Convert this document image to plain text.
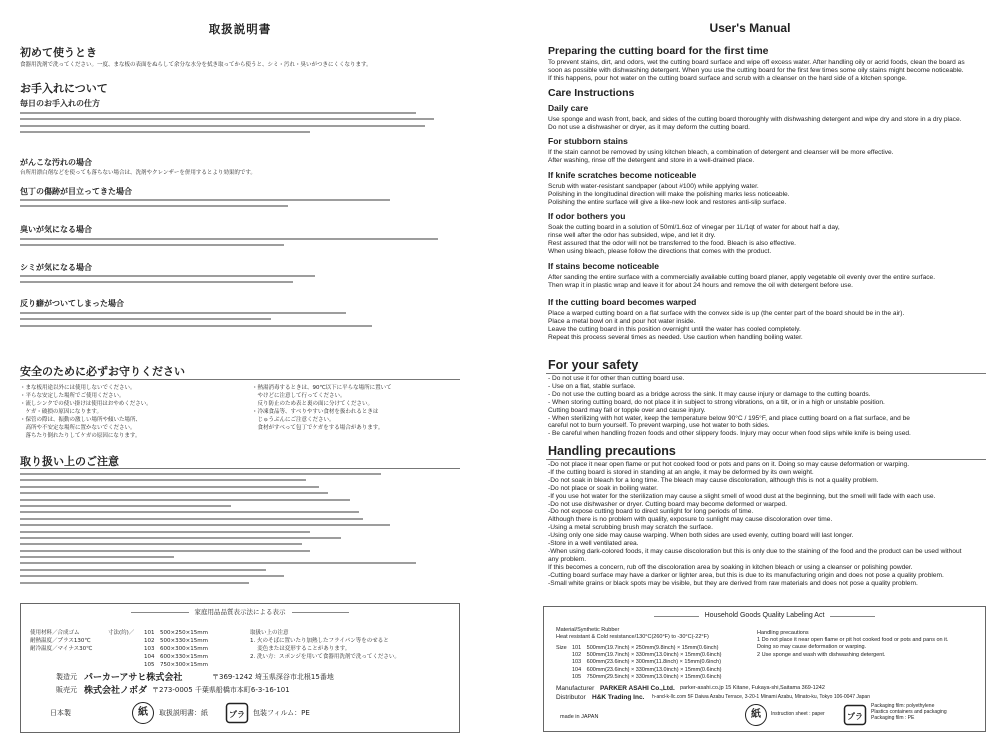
取扱説明書
初めて使うとき
食器用洗剤で洗ってください。一度、まな板の表面をぬらして余分な水分を拭き取ってから使うと、シミ・汚れ・臭いがつきにくくなります。
お手入れについて
毎日のお手入れの仕方
がんこな汚れの場合
台所用漂白剤などを使っても落ちない場合は、洗剤やクレンザーを併用するとより効果的です。
包丁の傷跡が目立ってきた場合
臭いが気になる場合
シミが気になる場合
反り癖がついてしまった場合
安全のために必ずお守りください
・まな板用途以外には使用しないでください。
・平らな安定した場所でご使用ください。
・流しシンクでの使い掛けは使用はおやめください。
　ケガ・破損の原因になります。
・保管の際は、振動の激しい場所や傾いた場所、
　高所や不安定な場所に置かないでください。
　落ちたり倒れたりしてケガの原因になります。
・熱湯消毒するときは、90℃以下に平らな場所に置いて
　やけどに注意して行ってください。
　反り防止のため表と裏の面に分けてください。
・冷凍食品等、すべりやすい食材を扱われるときは
　じゅうぶんにご注意ください。
　食材がすべって包丁でケガをする場合があります。
取り扱い上のご注意
家庭用品品質表示法による表示
使用材料／合成ゴム
耐熱温度／プラス130℃
耐冷温度／マイナス30℃
寸法(約)／ 101　500×250×15mm
102　500×330×15mm
103　600×300×15mm
104　600×330×15mm
105　750×300×15mm
取扱い上の注意
1. 火のそばに置いたり加熱したフライパン等をのせると
　 変色または変形することがあります。
2. 洗い方：スポンジを用いて食器用洗剤で洗ってください。
製造元 パーカーアサヒ株式会社	〒369-1242 埼玉県深谷市北根15番地
販売元 株式会社ノボダ 〒273-0005 千葉県船橋市本町6-3-16-101
日本製	紙	取扱説明書：紙	プラ 包装フィルム：PE
User's Manual
Preparing the cutting board for the first time
To prevent stains, dirt, and odors, wet the cutting board surface and wipe off excess water. After handling oily or acrid foods, clean the board as
soon as possible with dishwashing detergent. When you use the cutting board for the first few times some oily stains might become noticeable.
If this happens, pour hot water on the cutting board surface and scrub with a cleanser on the hard side of a kitchen sponge.
Care Instructions
Daily care
Use sponge and wash front, back, and sides of the cutting board thoroughly with dishwashing detergent and wipe dry and store in a dry place.
Do not use a dishwasher or dryer, as it may deform the cutting board.
For stubborn stains
If the stain cannot be removed by using kitchen bleach, a combination of detergent and cleanser will be more effective.
After washing, rinse off the detergent and store in a well-drained place.
If knife scratches become noticeable
Scrub with water-resistant sandpaper (about #100) while applying water.
Polishing in the longitudinal direction will make the polishing marks less noticeable.
Polishing the entire surface will give a like-new look and restores anti-slip surface.
If odor bothers you
Soak the cutting board in a solution of 50ml/1.6oz of vinegar per 1L/1qt of water for about half a day,
rinse well after the odor has subsided, wipe, and let it dry.
Rest assured that the odor will not be transferred to the food. Bleach is also effective.
When using bleach, please follow the directions that comes with the product.
If stains become noticeable
After sanding the entire surface with a commercially available cutting board planer, apply vegetable oil evenly over the entire surface.
Then wrap it in plastic wrap and leave it for about 24 hours and remove the oil with detergent before use.
If the cutting board becomes warped
Place a warped cutting board on a flat surface with the convex side is up (the center part of the board should be in the air).
Place a metal bowl on it and pour hot water inside.
Leave the cutting board in this position overnight until the water has cooled completely.
Repeat this process several times as needed. Use caution when handling boiling water.
For your safety
- Do not use it for other than cutting board use.
- Use on a flat, stable surface.
- Do not use the cutting board as a bridge across the sink. It may cause injury or damage to the cutting boards.
- When storing cutting board, do not place it in subject to strong vibrations, on a tilt, or in a high or unstable position.
Cutting board may fall or topple over and cause injury.
- When sterilizing with hot water, keep the temperature below 90°C / 195°F, and place cutting board on a flat surface, and be
careful not to burn yourself. To prevent warping, use hot water to both sides.
- Be careful when handling frozen foods and other slippery foods. Injury may occur when food slips while knife is being used.
Handling precautions
-Do not place it near open flame or put hot cooked food or pots and pans on it. Doing so may cause deformation or warping.
-If the cutting board is stored in standing at an angle, it may be deformed by its own weight.
-Do not soak in bleach for a long time. The bleach may cause discoloration, although this is not a quality problem.
-Do not place or soak in boiling water.
-If you use hot water for the sterilization may cause a slight smell of wood dust at the beginning, but the smell will fade with each use.
-Do not use dishwasher or dryer. Cutting board may become deformed or warped.
-Do not expose cutting board to direct sunlight for long periods of time.
Although there is no problem with quality, exposure to sunlight may cause discoloration over time.
-Using a metal scrubbing brush may scratch the surface.
-Using only one side may cause warping. When both sides are used evenly, cutting board will last longer.
-Store in a well ventilated area.
-When using dark-colored foods, it may cause discoloration but this is only due to the staining of the food and the product can be used without
any problem.
If this becomes a concern, rub off the discoloration area by soaking in kitchen bleach or using a cleanser or polishing powder.
-Cutting board surface may have a darker or lighter area, but this is due to its manufacturing origin and does not pose a quality problem.
-Small white grains or black spots may be visible, but they are derived from raw materials and does not pose a quality problem.
Household Goods Quality Labeling Act
Material/Synthetic Rubber
Heat resistant & Cold resistance/130°C(260°F) to -30°C(-22°F)
Size 101　500mm(19.7inch) × 250mm(9.8inch) × 15mm(0.6inch)
102　500mm(19.7inch) × 330mm(13.0inch) × 15mm(0.6inch)
103　600mm(23.6inch) × 300mm(11.8inch) × 15mm(0.6inch)
104　600mm(23.6inch) × 330mm(13.0inch) × 15mm(0.6inch)
105　750mm(29.5inch) × 330mm(13.0inch) × 15mm(0.6inch)
Handling precautions
1 Do not place it near open flame or pit hot cooked food or pots and pans on it.
Doing so may cause deformation or warping.
2 Use sponge and wash with dishwashing detergent.
Manufacturer PARKER ASAHI Co.,Ltd. parker-asahi.co.jp 15 Kitane, Fukaya-shi,Saitama 369-1242
Distributor H&K Trading Inc. h-and-k-llc.com 5F Daiwa Azabu Terrace, 3-20-1 Minami Azabu, Minato-ku, Tokyo 106-0047 Japan
made in JAPAN	紙	Instruction sheet : paper	プラ
Packaging film: polyethylene
Plastics containers and packaging
Packaging film : PE
